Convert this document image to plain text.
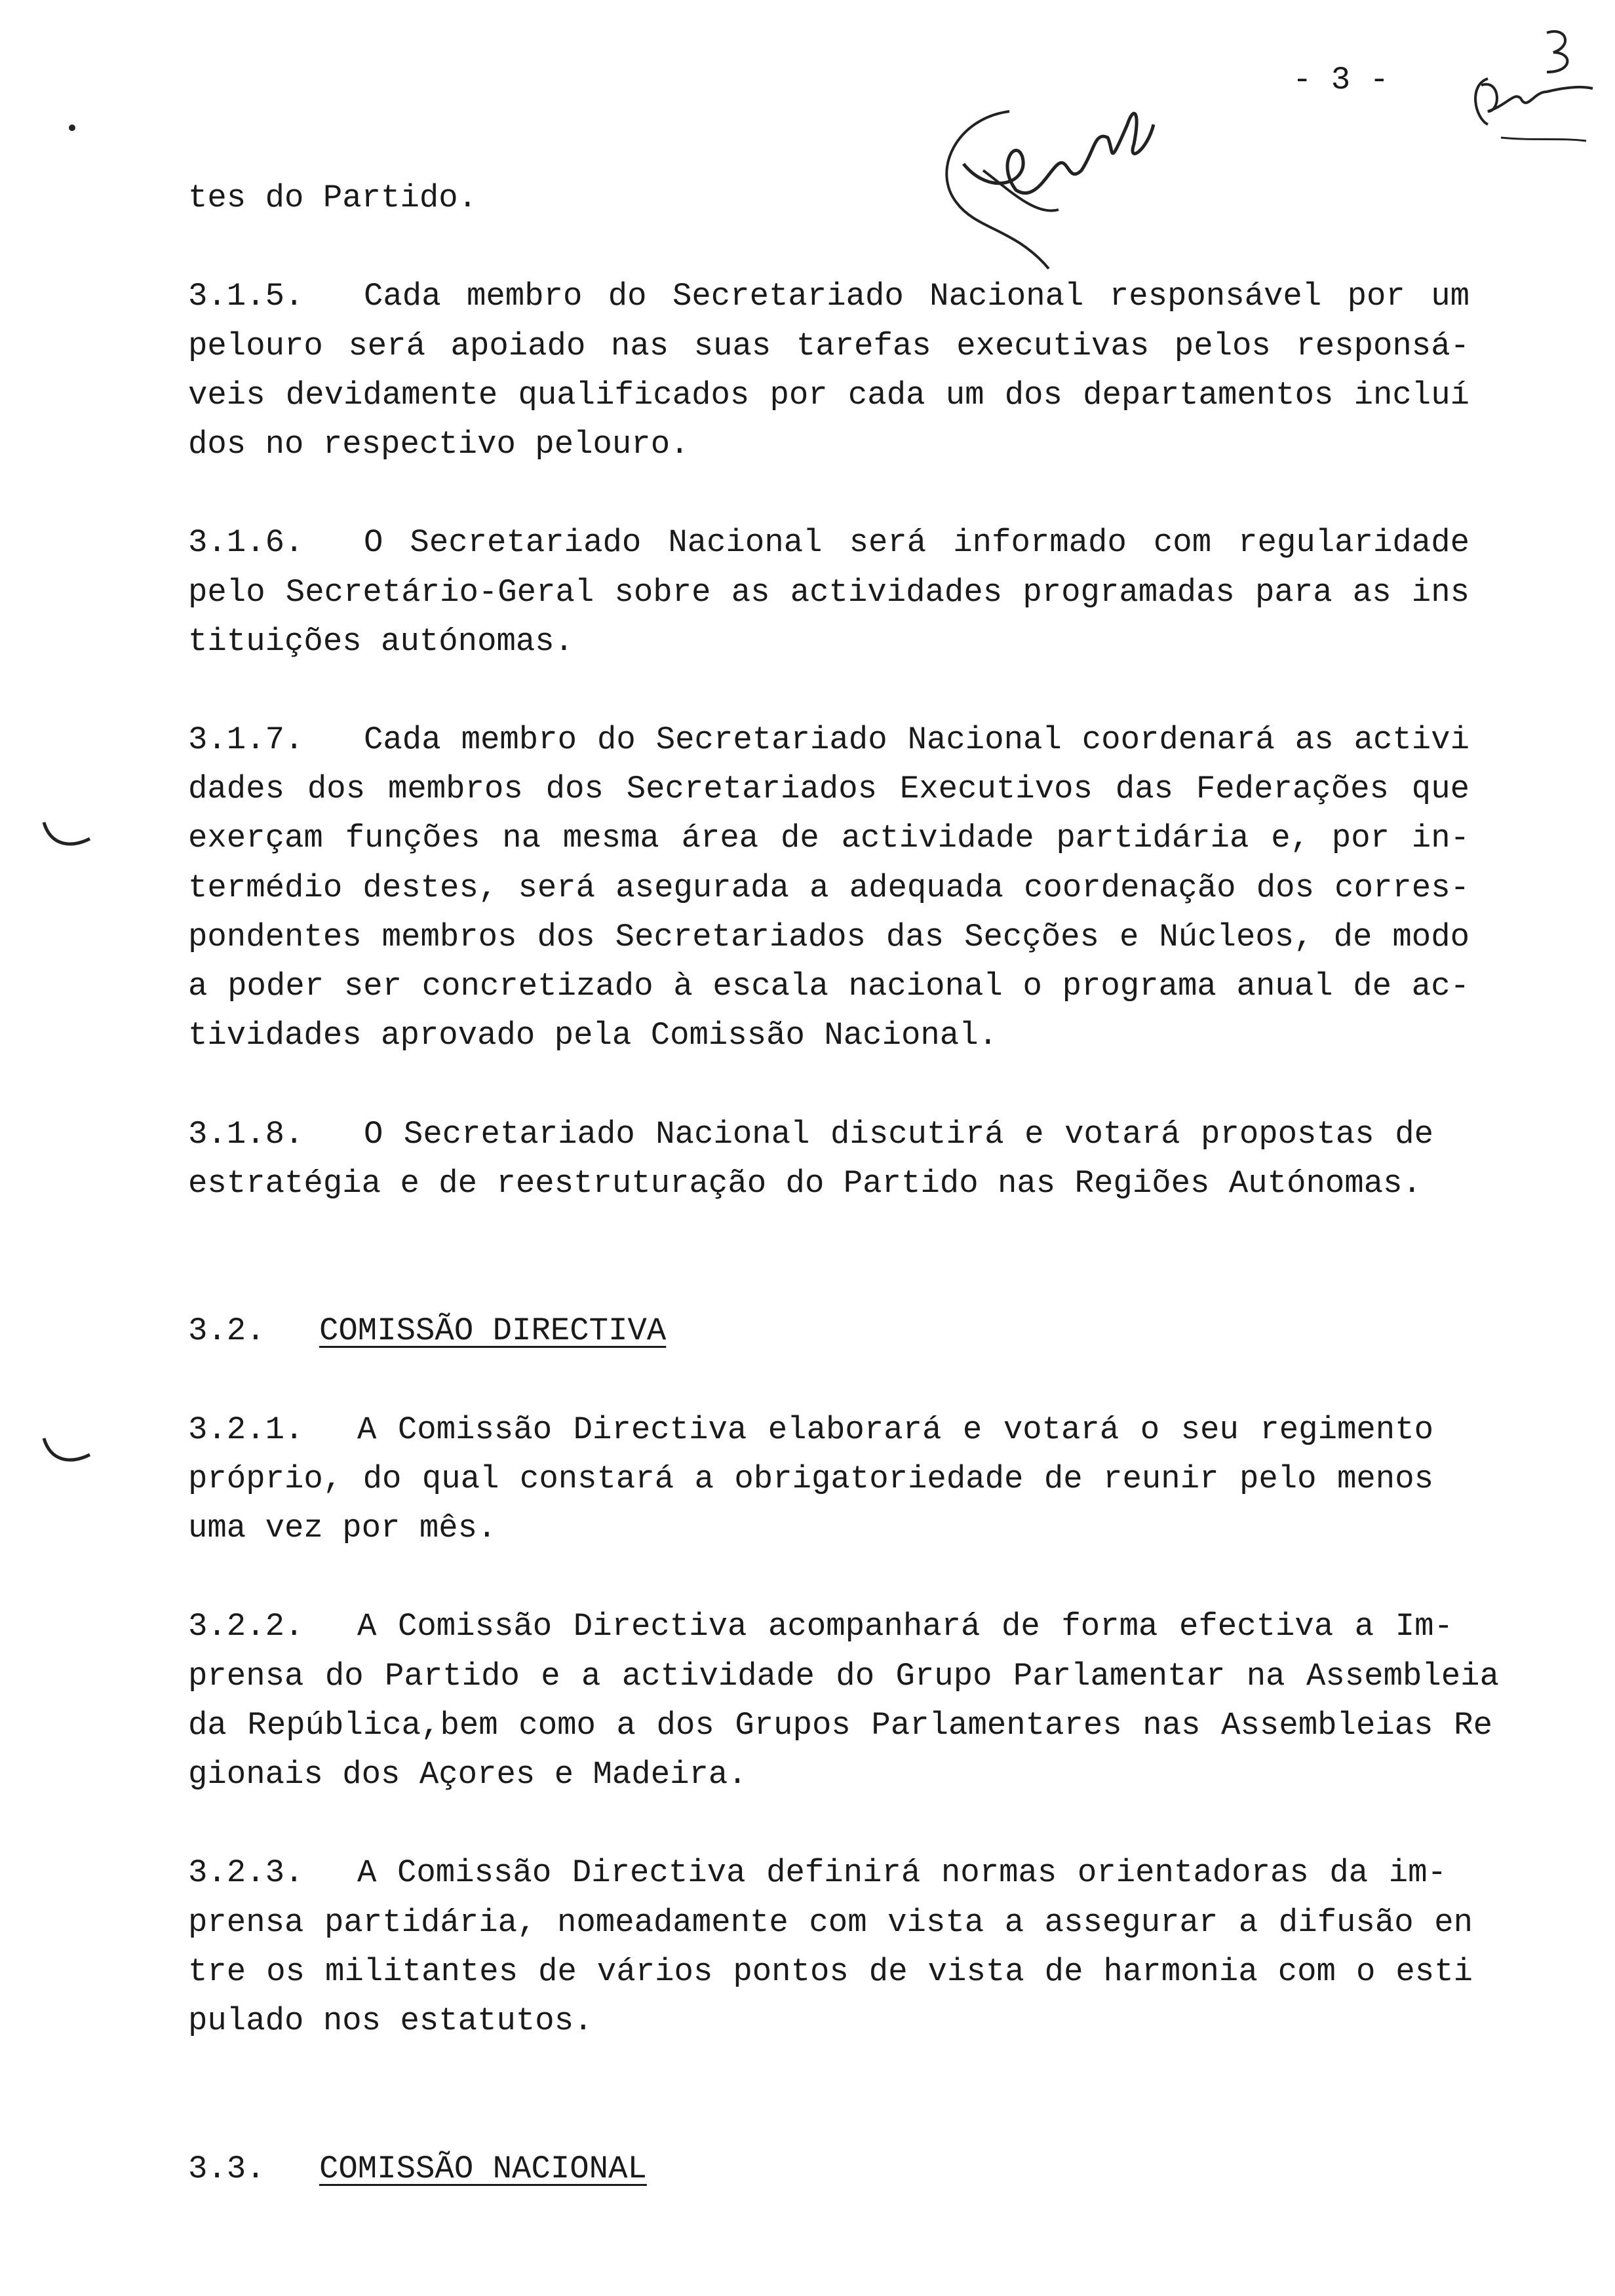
- 3 -
tes do Partido.
3.1.5. Cada membro do Secretariado Nacional responsável por um
pelouro será apoiado nas suas tarefas executivas pelos responsá-
veis devidamente qualificados por cada um dos departamentos incluí
dos no respectivo pelouro.
3.1.6. O Secretariado Nacional será informado com regularidade
pelo Secretário-Geral sobre as actividades programadas para as ins
tituições autónomas.
3.1.7. Cada membro do Secretariado Nacional coordenará as activi
dades dos membros dos Secretariados Executivos das Federações que
exerçam funções na mesma área de actividade partidária e, por in-
termédio destes, será asegurada a adequada coordenação dos corres-
pondentes membros dos Secretariados das Secções e Núcleos, de modo
a poder ser concretizado à escala nacional o programa anual de ac-
tividades aprovado pela Comissão Nacional.
3.1.8. O Secretariado Nacional discutirá e votará propostas de
estratégia e de reestruturação do Partido nas Regiões Autónomas.
3.2. COMISSÃO DIRECTIVA
3.2.1. A Comissão Directiva elaborará e votará o seu regimento
próprio, do qual constará a obrigatoriedade de reunir pelo menos
uma vez por mês.
3.2.2. A Comissão Directiva acompanhará de forma efectiva a Im-
prensa do Partido e a actividade do Grupo Parlamentar na Assembleia
da República,bem como a dos Grupos Parlamentares nas Assembleias Re
gionais dos Açores e Madeira.
3.2.3. A Comissão Directiva definirá normas orientadoras da im-
prensa partidária, nomeadamente com vista a assegurar a difusão en
tre os militantes de vários pontos de vista de harmonia com o esti
pulado nos estatutos.
3.3. COMISSÃO NACIONAL
